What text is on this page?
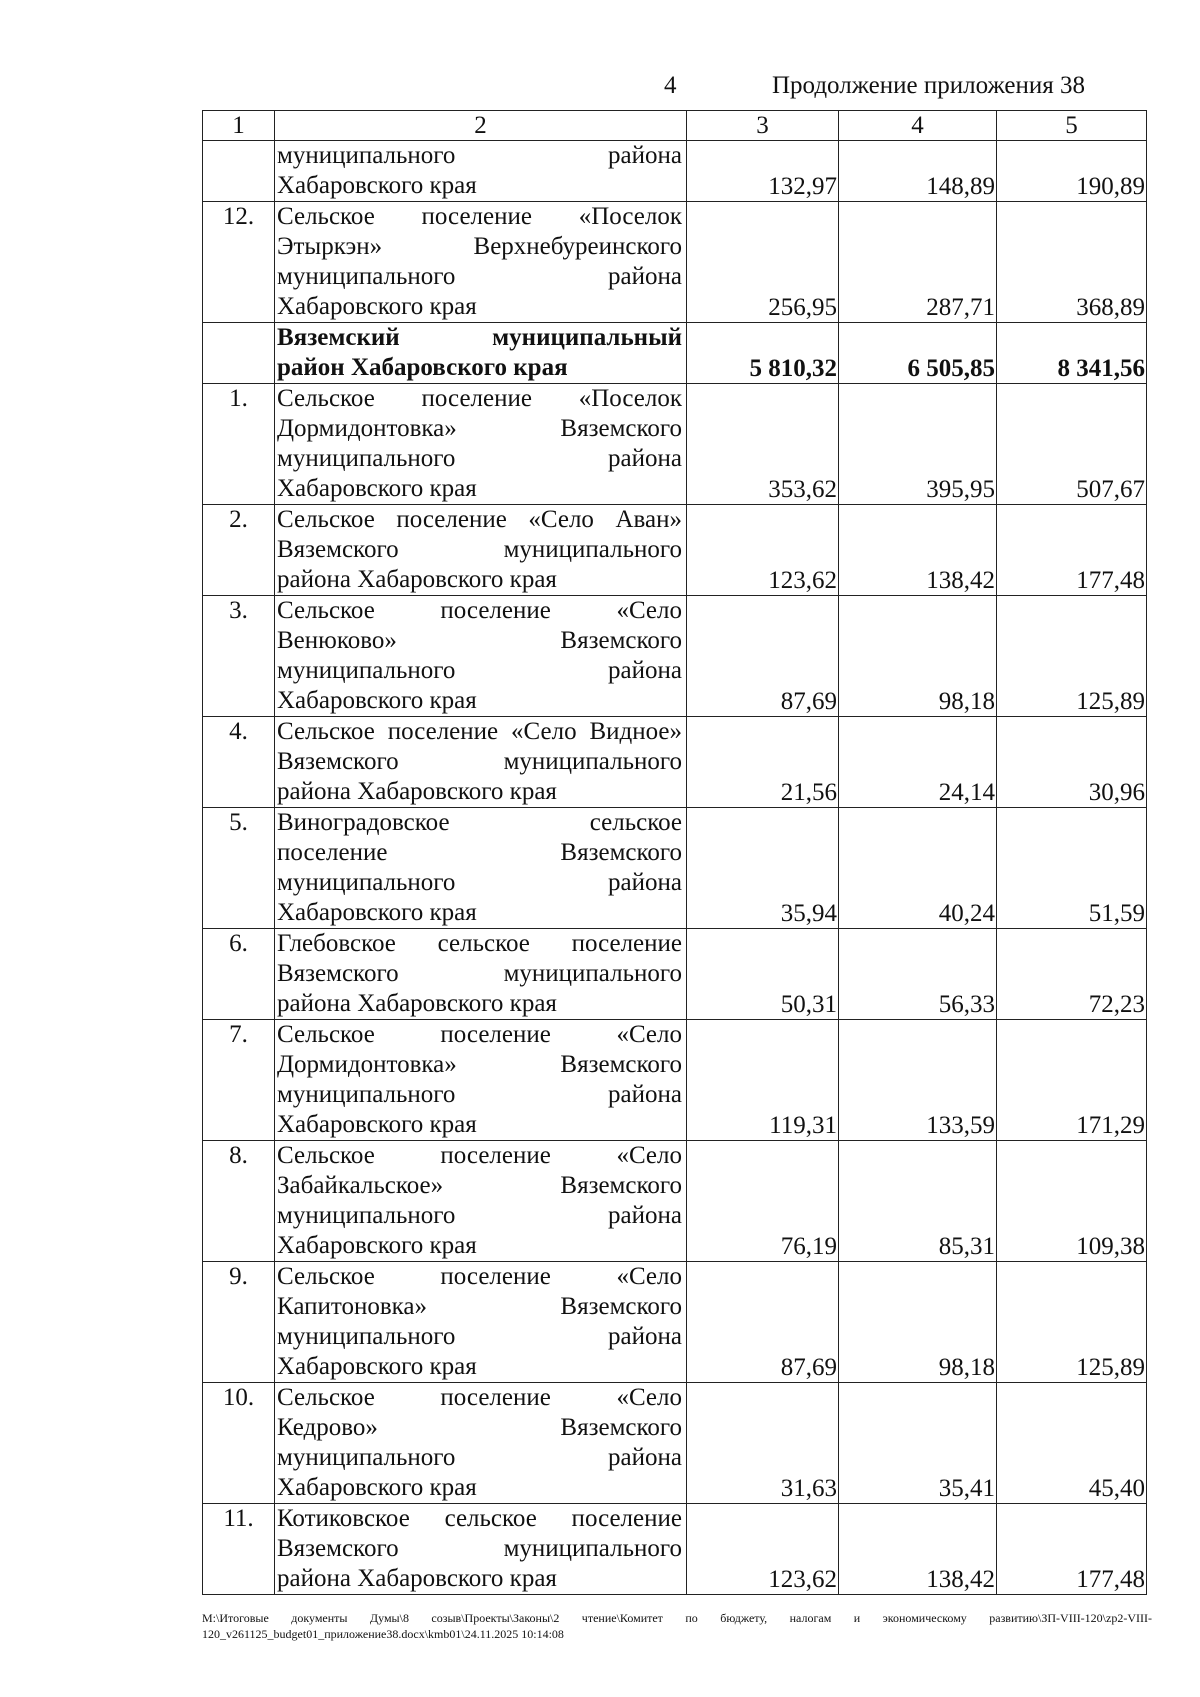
4	Продолжение приложения 38
1	2	3	4	5

	муниципального района
Хабаровского края	132,97	148,89	190,89
12.	Сельское поселение «Поселок
Этыркэн» Верхнебуреинского
муниципального района
Хабаровского края	256,95	287,71	368,89

	Вяземский муниципальный
район Хабаровского края	5 810,32	6 505,85	8 341,56
1.	Сельское поселение «Поселок
Дормидонтовка» Вяземского
муниципального района
Хабаровского края	353,62	395,95	507,67
2.	Сельское поселение «Село Аван»
Вяземского муниципального
района Хабаровского края	123,62	138,42	177,48
3.	Сельское поселение «Село
Венюково» Вяземского
муниципального района
Хабаровского края	87,69	98,18	125,89
4.	Сельское поселение «Село Видное»
Вяземского муниципального
района Хабаровского края	21,56	24,14	30,96
5.	Виноградовское сельское
поселение Вяземского
муниципального района
Хабаровского края	35,94	40,24	51,59
6.	Глебовское сельское поселение
Вяземского муниципального
района Хабаровского края	50,31	56,33	72,23
7.	Сельское поселение «Село
Дормидонтовка» Вяземского
муниципального района
Хабаровского края	119,31	133,59	171,29
8.	Сельское поселение «Село
Забайкальское» Вяземского
муниципального района
Хабаровского края	76,19	85,31	109,38
9.	Сельское поселение «Село
Капитоновка» Вяземского
муниципального района
Хабаровского края	87,69	98,18	125,89
10.	Сельское поселение «Село
Кедрово» Вяземского
муниципального района
Хабаровского края	31,63	35,41	45,40
11.	Котиковское сельское поселение
Вяземского муниципального
района Хабаровского края	123,62	138,42	177,48
M:\Итоговые документы Думы\8 созыв\Проекты\Законы\2 чтение\Комитет по бюджету, налогам и экономическому развитию\ЗП-VIII-120\zp2-VIII-120_v261125_budget01_приложение38.docx\kmb01\24.11.2025 10:14:08
